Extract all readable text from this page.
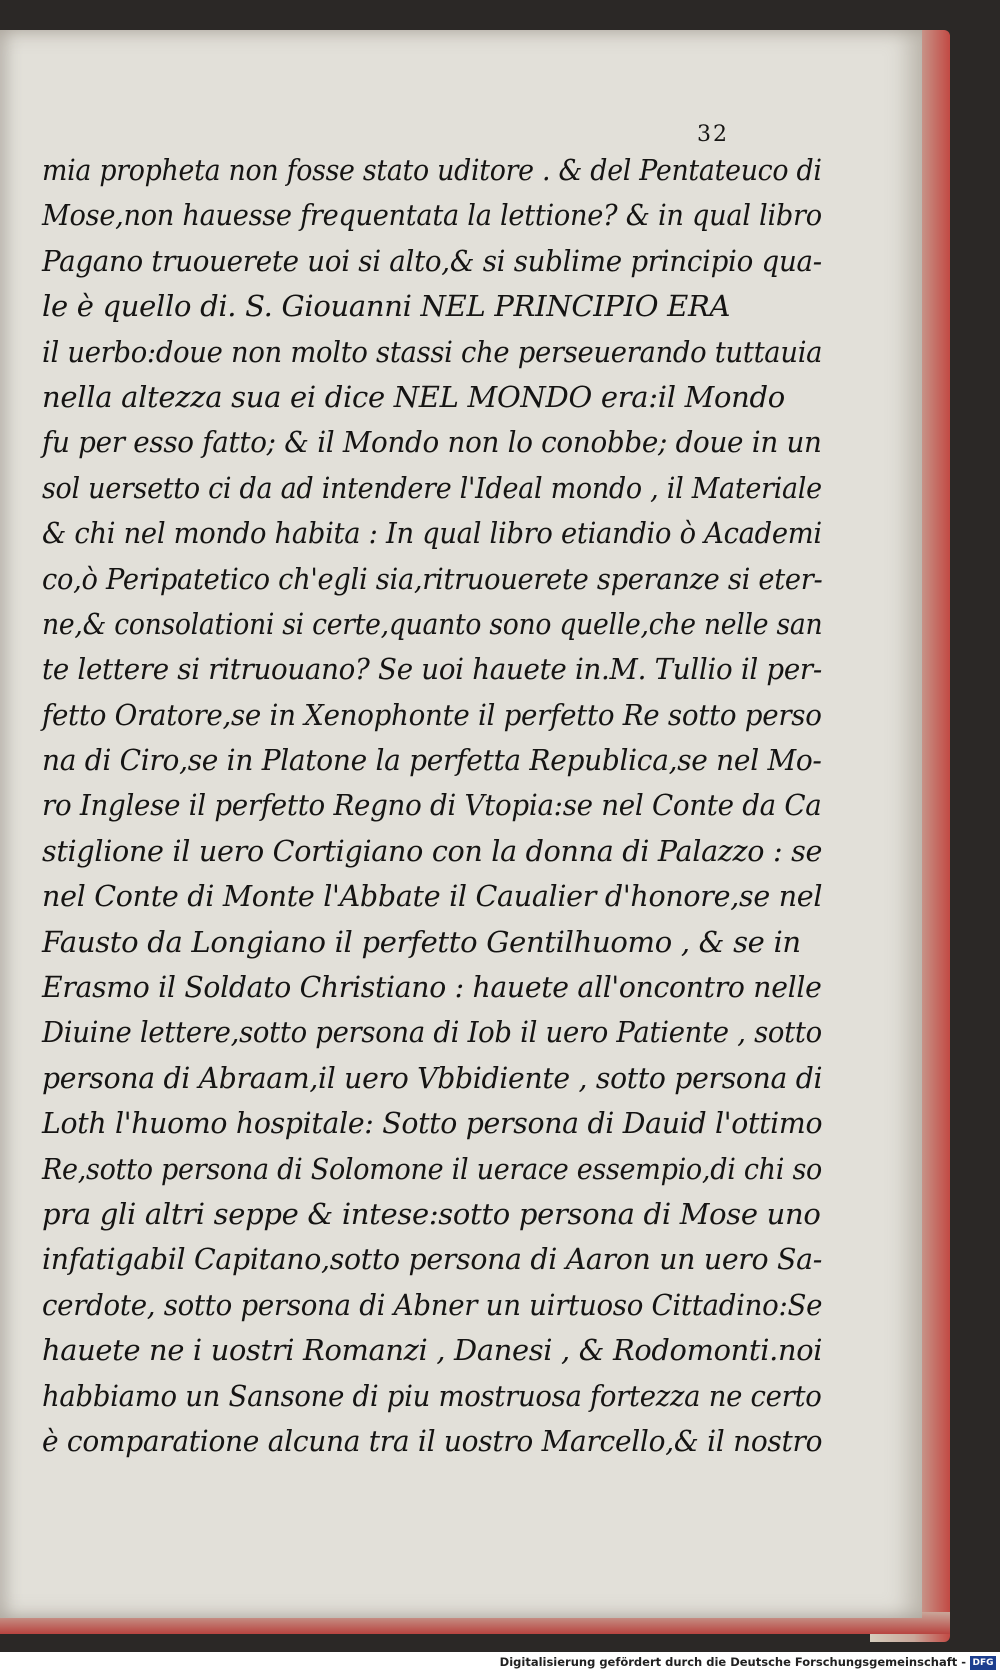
32
mia propheta non fosse stato uditore . & del Pentateuco di
Mose,non hauesse frequentata la lettione? & in qual libro
Pagano truouerete uoi si alto,& si sublime principio qua-
le è quello di. S. Giouanni NEL PRINCIPIO ERA
il uerbo:doue non molto stassi che perseuerando tuttauia
nella altezza sua ei dice NEL MONDO era:il Mondo
fu per esso fatto; & il Mondo non lo conobbe; doue in un
sol uersetto ci da ad intendere l'Ideal mondo , il Materiale
& chi nel mondo habita : In qual libro etiandio ò Academi
co,ò Peripatetico ch'egli sia,ritruouerete speranze si eter-
ne,& consolationi si certe,quanto sono quelle,che nelle san
te lettere si ritruouano? Se uoi hauete in.M. Tullio il per-
fetto Oratore,se in Xenophonte il perfetto Re sotto perso
na di Ciro,se in Platone la perfetta Republica,se nel Mo-
ro Inglese il perfetto Regno di Vtopia:se nel Conte da Ca
stiglione il uero Cortigiano con la donna di Palazzo : se
nel Conte di Monte l'Abbate il Caualier d'honore,se nel
Fausto da Longiano il perfetto Gentilhuomo , & se in
Erasmo il Soldato Christiano : hauete all'oncontro nelle
Diuine lettere,sotto persona di Iob il uero Patiente , sotto
persona di Abraam,il uero Vbbidiente , sotto persona di
Loth l'huomo hospitale: Sotto persona di Dauid l'ottimo
Re,sotto persona di Solomone il uerace essempio,di chi so
pra gli altri seppe & intese:sotto persona di Mose uno
infatigabil Capitano,sotto persona di Aaron un uero Sa-
cerdote, sotto persona di Abner un uirtuoso Cittadino:Se
hauete ne i uostri Romanzi , Danesi , & Rodomonti.noi
habbiamo un Sansone di piu mostruosa fortezza ne certo
è comparatione alcuna tra il uostro Marcello,& il nostro
Digitalisierung gefördert durch die Deutsche Forschungsgemeinschaft - DFG
